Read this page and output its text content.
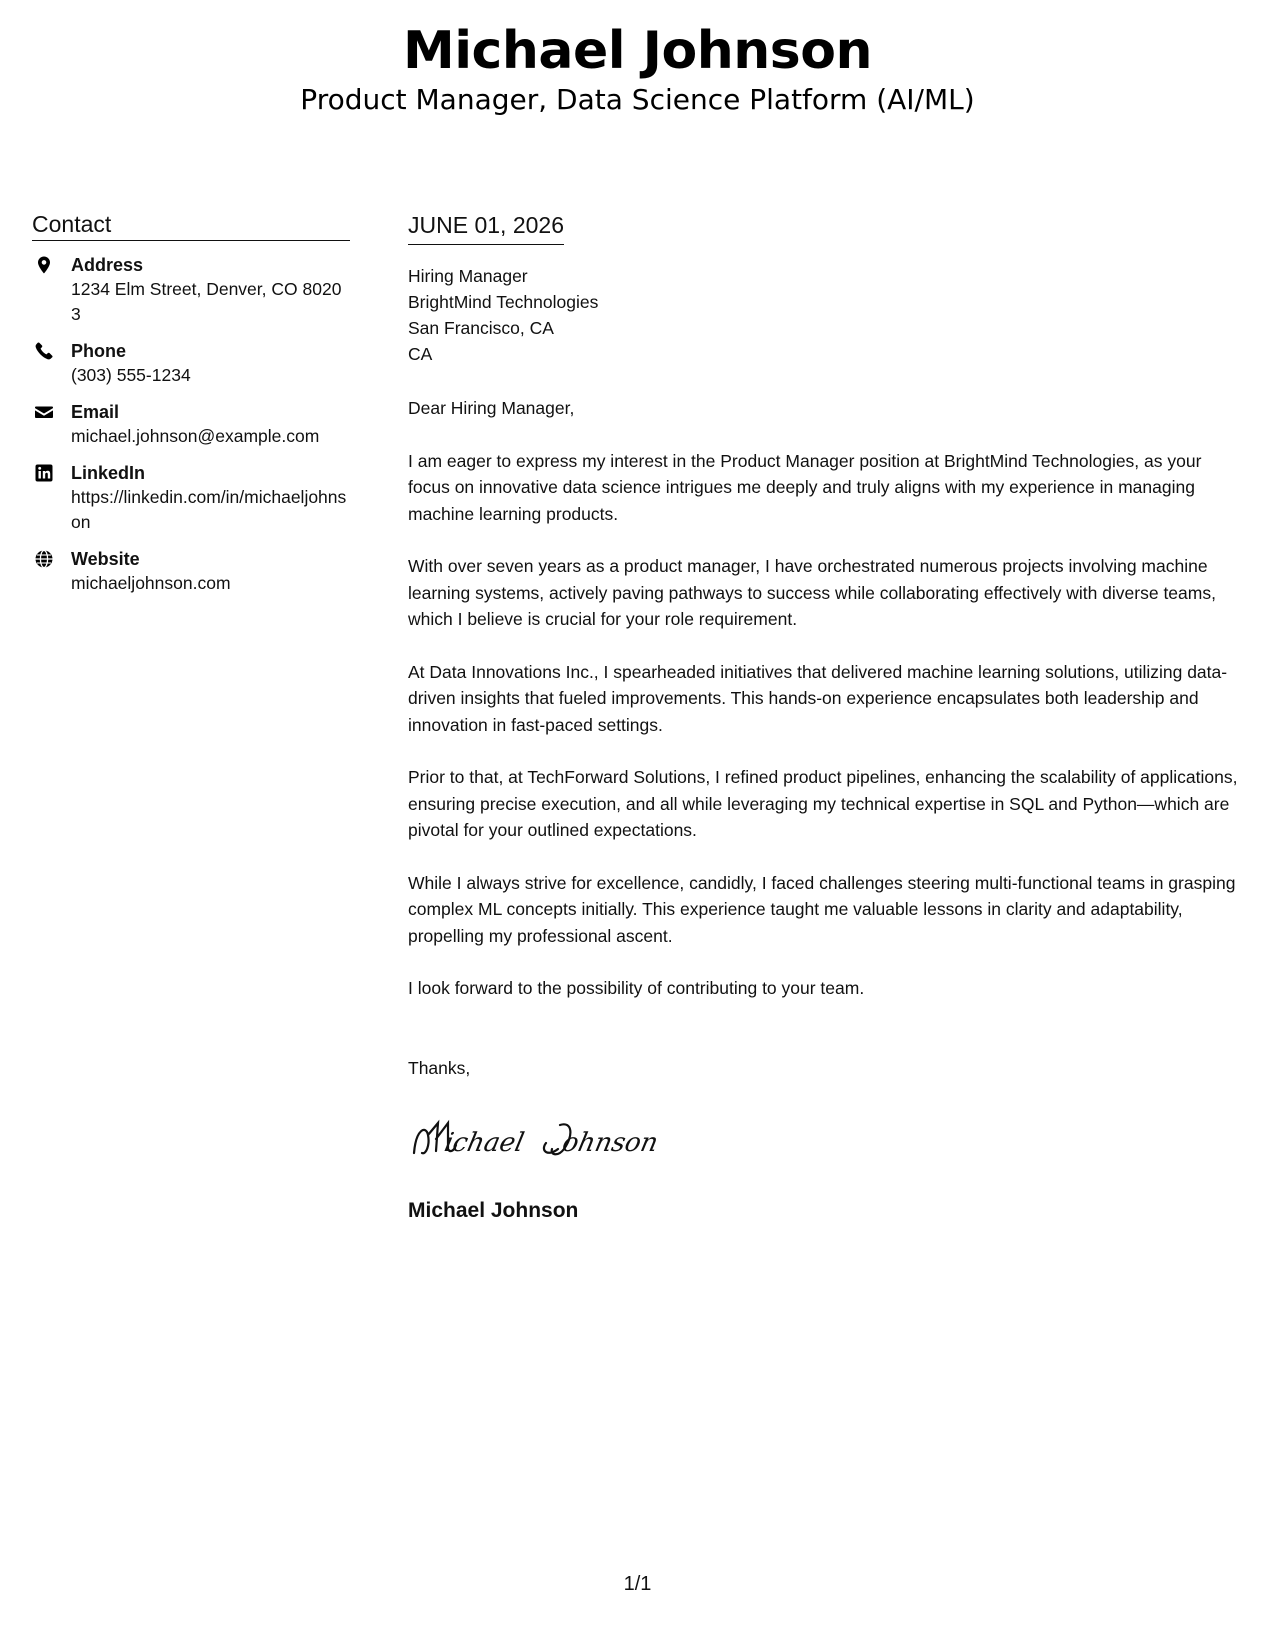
Michael Johnson
Product Manager, Data Science Platform (AI/ML)
Contact
Address
1234 Elm Street, Denver, CO 80203
Phone
(303) 555-1234
Email
michael.johnson@example.com
LinkedIn
https://linkedin.com/in/michaeljohnson
Website
michaeljohnson.com
JUNE 01, 2026
Hiring Manager
BrightMind Technologies
San Francisco, CA
CA
Dear Hiring Manager,
I am eager to express my interest in the Product Manager position at BrightMind Technologies, as your focus on innovative data science intrigues me deeply and truly aligns with my experience in managing machine learning products.
With over seven years as a product manager, I have orchestrated numerous projects involving machine learning systems, actively paving pathways to success while collaborating effectively with diverse teams, which I believe is crucial for your role requirement.
At Data Innovations Inc., I spearheaded initiatives that delivered machine learning solutions, utilizing data-driven insights that fueled improvements. This hands-on experience encapsulates both leadership and innovation in fast-paced settings.
Prior to that, at TechForward Solutions, I refined product pipelines, enhancing the scalability of applications, ensuring precise execution, and all while leveraging my technical expertise in SQL and Python—which are pivotal for your outlined expectations.
While I always strive for excellence, candidly, I faced challenges steering multi-functional teams in grasping complex ML concepts initially. This experience taught me valuable lessons in clarity and adaptability, propelling my professional ascent.
I look forward to the possibility of contributing to your team.
Thanks,
ichael ohnson
Michael Johnson
1/1
